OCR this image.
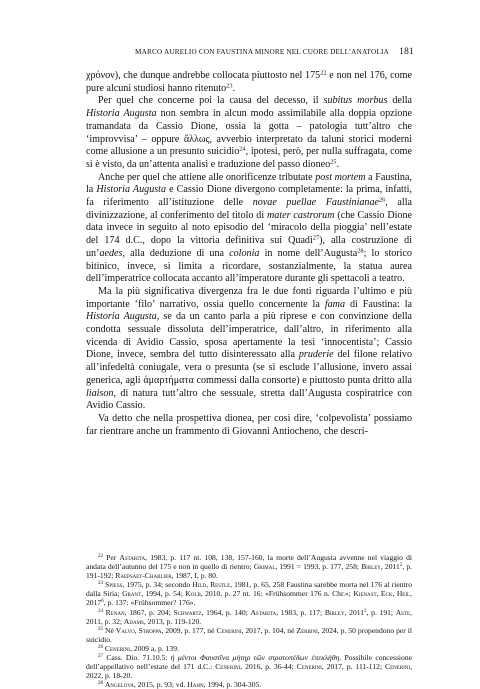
MARCO AURELIO CON FAUSTINA MINORE NEL CUORE DELL’ANATOLIA 181

χρόνον), che dunque andrebbe collocata piuttosto nel $175^{22}$ e non nel 176, come pure alcuni studiosi hanno ritenuto$^{23}$.

Per quel che concerne poi la causa del decesso, il subitus morbus della Historia Augusta non sembra in alcun modo assimilabile alla doppia opzione tramandata da Cassio Dione, ossia la gotta – patologia tutt’altro che ‘improvvisa’ – oppure ἄλλως, avverbio interpretato da taluni storici moderni come allusione a un presunto suicidio$^{24}$, ipotesi, però, per nulla suffragata, come si è visto, da un’attenta analisi e traduzione del passo dioneo$^{25}$.

Anche per quel che attiene alle onorificenze tributate post mortem a Faustina, la Historia Augusta e Cassio Dione divergono completamente: la prima, infatti, fa riferimento all’istituzione delle novae puellae Faustinianae$^{26}$, alla divinizzazione, al conferimento del titolo di mater castrorum (che Cassio Dione data invece in seguito al noto episodio del ‘miracolo della pioggia’ nell’estate del 174 d.C., dopo la vittoria definitiva sui Quadi$^{27}$), alla costruzione di un’aedes, alla deduzione di una colonia in nome dell’Augusta$^{28}$; lo storico bitinico, invece, si limita a ricordare, sostanzialmente, la statua aurea dell’imperatrice collocata accanto all’imperatore durante gli spettacoli a teatro.

Ma la più significativa divergenza fra le due fonti riguarda l’ultimo e più importante ‘filo’ narrativo, ossia quello concernente la fama di Faustina: la Historia Augusta, se da un canto parla a più riprese e con convinzione della condotta sessuale dissoluta dell’imperatrice, dall’altro, in riferimento alla vicenda di Avidio Cassio, sposa apertamente la tesi ‘innocentista’; Cassio Dione, invece, sembra del tutto disinteressato alla pruderie del filone relativo all’infedeltà coniugale, vera o presunta (se si esclude l’allusione, invero assai generica, agli ἁμαρτήματα commessi dalla consorte) e piuttosto punta dritto alla liaison, di natura tutt’altro che sessuale, stretta dall’Augusta cospiratrice con Avidio Cassio.

Va detto che nella prospettiva dionea, per così dire, ‘colpevolista’ possiamo far rientrare anche un frammento di Giovanni Antiocheno, che descri-

$^{22}$ Per Astarita, 1983, p. 117 nt. 108, 138, 157-160, la morte dell’Augusta avvenne nel viaggio di andata dell’autunno del 175 e non in quello di rientro; Grimal, 1991 = 1993, p. 177, 258; Birley, 2011$^2$, p. 191-192; Raepsaet-Charlier, 1987, I, p. 80.

$^{23}$ Spiess, 1975, p. 34; secondo Hild, Restle, 1981, p. 65, 258 Faustina sarebbe morta nel 176 al rientro dalla Siria; Grant, 1994, p. 54; Kolb, 2010, p. 27 nt. 16: «Frühsommer 176 n. Chr.»; Kienast, Eck, Heil, 2017$^6$, p. 137: «Frühsommer? 176».

$^{24}$ Renan, 1867, p. 204; Schwartz, 1964, p. 140; Astarita, 1983, p. 117; Birley, 2011$^2$, p. 191; Aste, 2011, p. 32; Adams, 2013, p. 119-120.

$^{25}$ Nè Valvo, Stroppa, 2009, p. 177, né Cenerini, 2017, p. 104, né Zerbini, 2024, p. 50 propendono per il suicidio.

$^{26}$ Cenerini, 2009 a, p. 139.

$^{27}$ Cass. Dio. 71.10.5: ἡ μέντοι Φαυστῖνα μήτηρ τῶν στρατοπέδων ἐπεκλήθη. Possibile concessione dell’appellativo nell’estate del 171 d.C.: Cenerini, 2016, p. 36-44; Cenerini, 2017, p. 111-112; Cenerini, 2022, p. 18-20.

$^{28}$ Angelova, 2015, p. 93; vd. Hahn, 1994, p. 304-305.
